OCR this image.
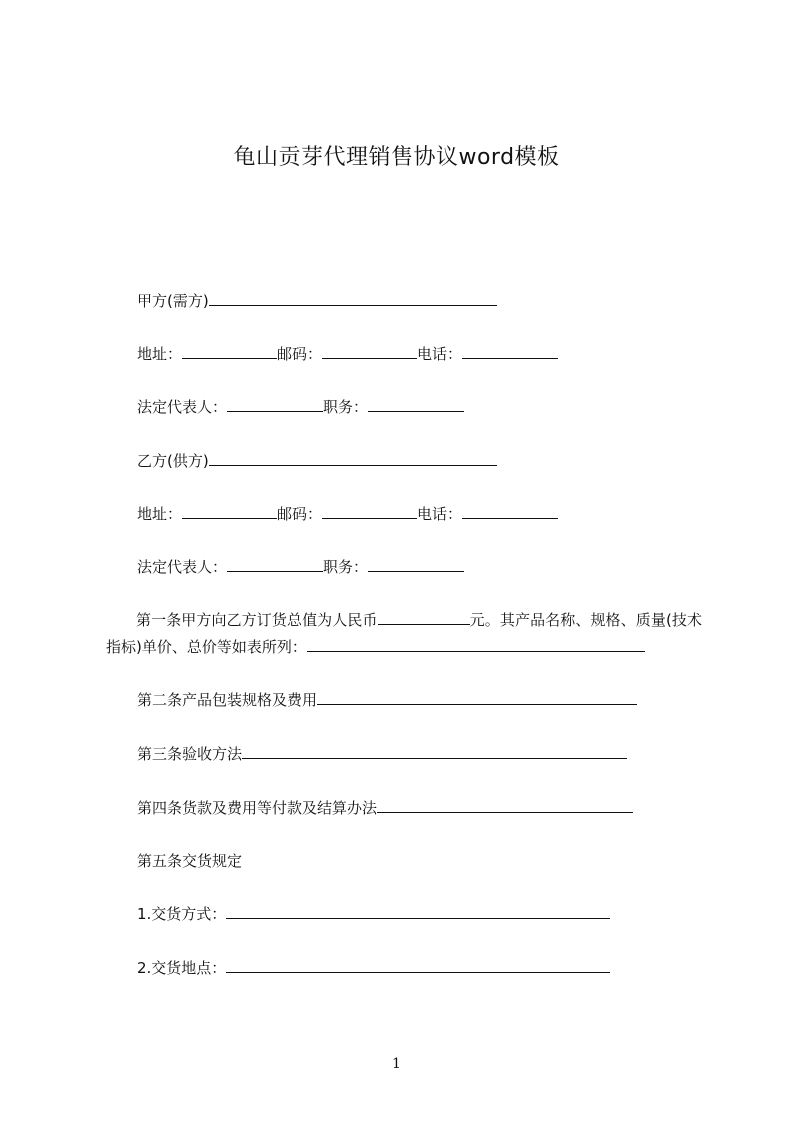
龟山贡芽代理销售协议word模板
甲方(需方)
地址：	邮码：	电话：
法定代表人：	职务：
乙方(供方)
地址：	邮码：	电话：
法定代表人：	职务：
第一条甲方向乙方订货总值为人民币	元。其产品名称、规格、质量(技术指标)单价、总价等如表所列：
第二条产品包装规格及费用
第三条验收方法
第四条货款及费用等付款及结算办法
第五条交货规定
1.交货方式：
2.交货地点：
1
